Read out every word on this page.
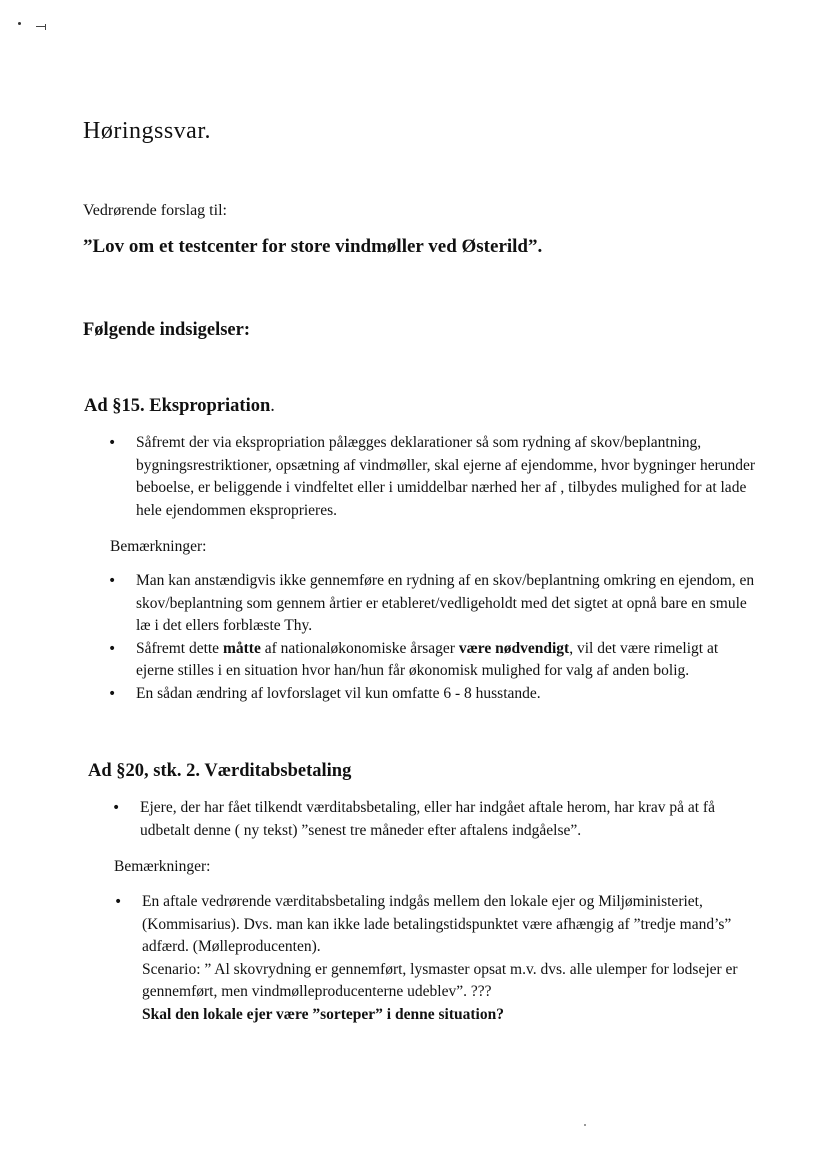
Høringssvar.
Vedrørende forslag til:
”Lov om et testcenter for store vindmøller ved Østerild”.
Følgende indsigelser:
Ad §15. Ekspropriation.
• Såfremt der via ekspropriation pålægges deklarationer så som rydning af skov/beplantning, bygningsrestriktioner, opsætning af vindmøller, skal ejerne af ejendomme, hvor bygninger herunder beboelse, er beliggende i vindfeltet eller i umiddelbar nærhed her af , tilbydes mulighed for at lade hele ejendommen eksproprieres.
Bemærkninger:
• Man kan anstændigvis ikke gennemføre en rydning af en skov/beplantning omkring en ejendom, en skov/beplantning som gennem årtier er etableret/vedligeholdt med det sigtet at opnå bare en smule læ i det ellers forblæste Thy.
• Såfremt dette måtte af nationaløkonomiske årsager være nødvendigt, vil det være rimeligt at ejerne stilles i en situation hvor han/hun får økonomisk mulighed for valg af anden bolig.
• En sådan ændring af lovforslaget vil kun omfatte 6 - 8 husstande.
Ad §20, stk. 2. Værditabsbetaling
• Ejere, der har fået tilkendt værditabsbetaling, eller har indgået aftale herom, har krav på at få udbetalt denne ( ny tekst) ”senest tre måneder efter aftalens indgåelse”.
Bemærkninger:
• En aftale vedrørende værditabsbetaling indgås mellem den lokale ejer og Miljøministeriet, (Kommisarius). Dvs. man kan ikke lade betalingstidspunktet være afhængig af ”tredje mand’s” adfærd. (Mølleproducenten).
Scenario: ” Al skovrydning er gennemført, lysmaster opsat m.v. dvs. alle ulemper for lodsejer er gennemført, men vindmølleproducenterne udeblev”. ???
Skal den lokale ejer være ”sorteper” i denne situation?
